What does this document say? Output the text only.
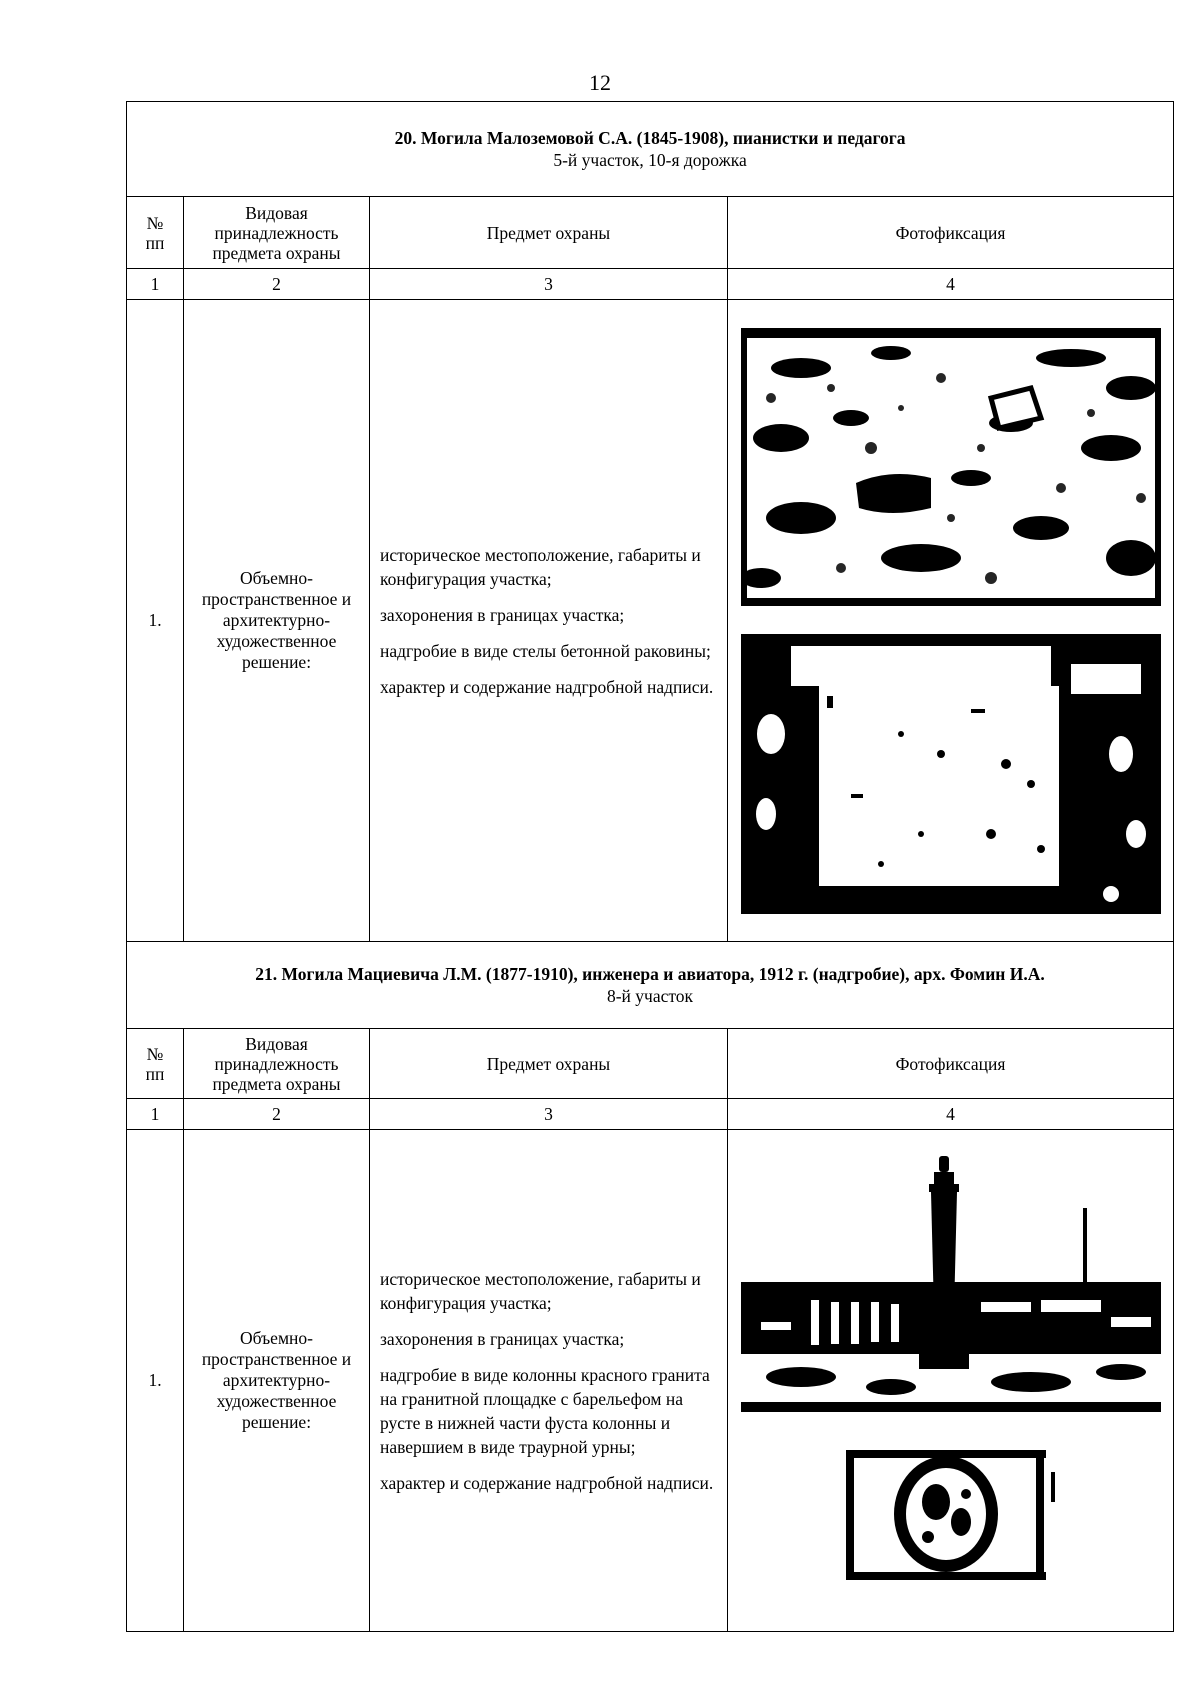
12
20. Могила Малоземовой С.А. (1845-1908), пианистки и педагога
5-й участок, 10-я дорожка			

№
пп	Видовая принадлежность предмета охраны	Предмет охраны	Фотофиксация
1	2	3	4
1.	Объемно-пространственное и архитектурно-художественное решение:	историческое местоположение, габариты и конфигурация участка;

захоронения в границах участка;

надгробие в виде стелы бетонной раковины;

характер и содержание надгробной надписи.

21. Могила Мациевича Л.М. (1877-1910), инженера и авиатора, 1912 г. (надгробие), арх. Фомин И.А.
8-й участок			

№
пп	Видовая принадлежность предмета охраны	Предмет охраны	Фотофиксация
1	2	3	4
1.	Объемно-пространственное и архитектурно-художественное решение:	историческое местоположение, габариты и конфигурация участка;

захоронения в границах участка;

надгробие в виде колонны красного гранита на гранитной площадке с барельефом на русте в нижней части фуста колонны и навершием в виде траурной урны;

характер и содержание надгробной надписи.
